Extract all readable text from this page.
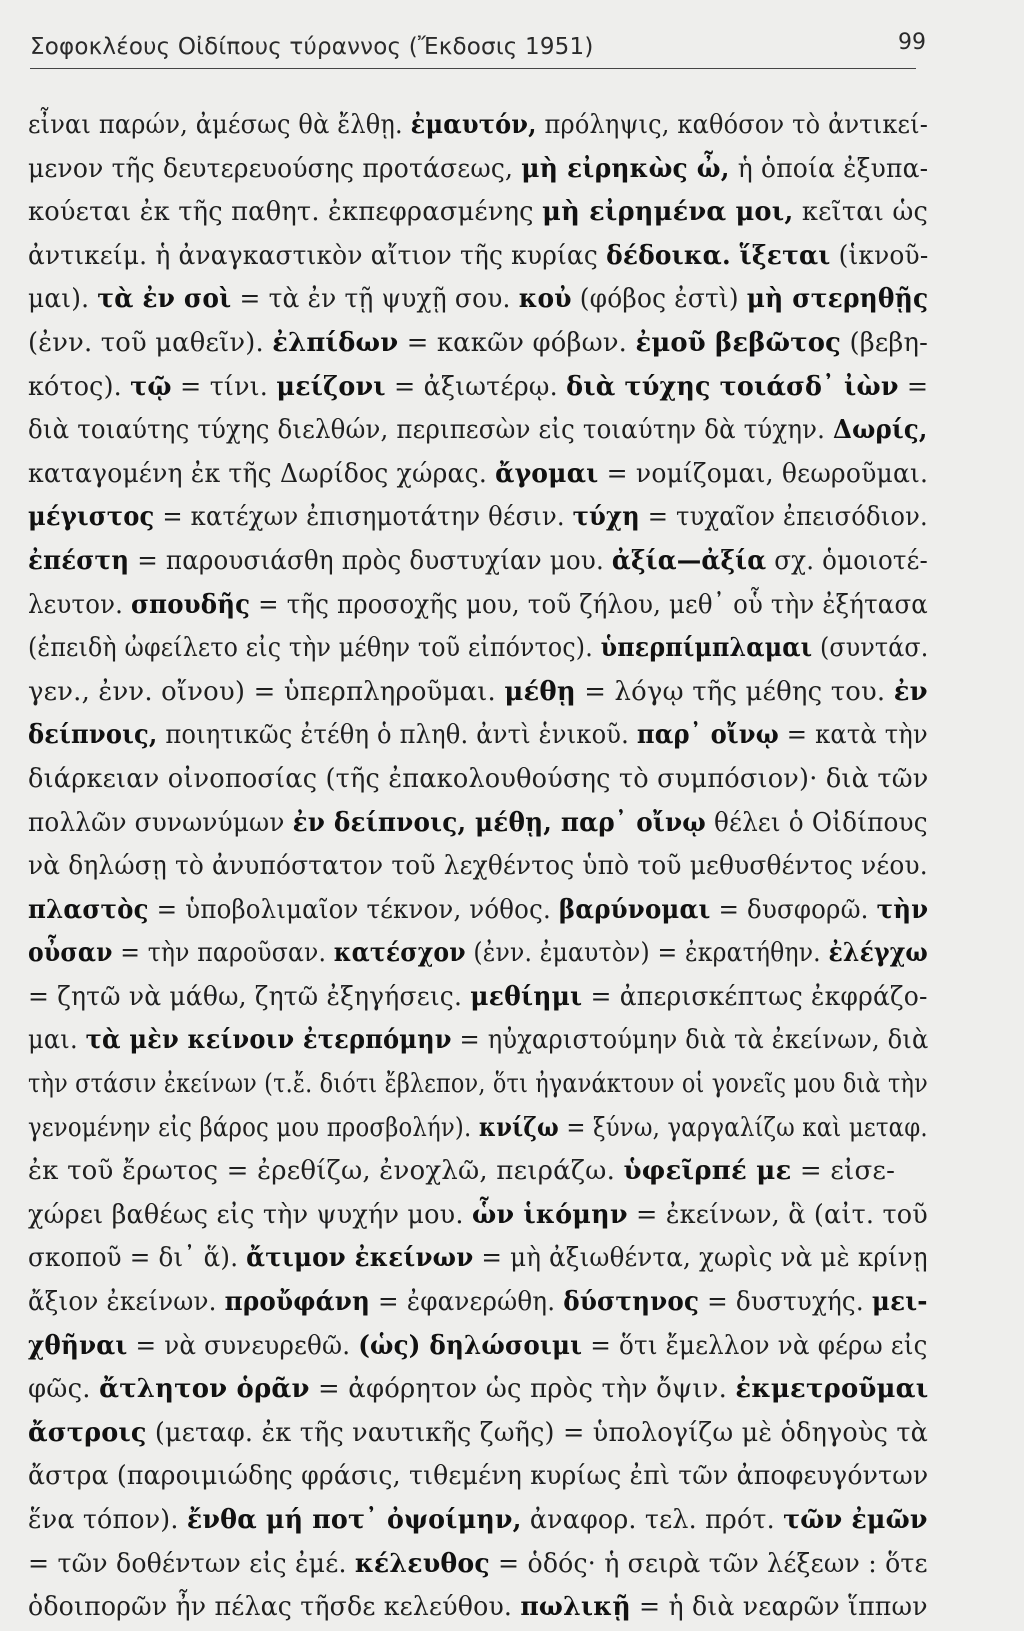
Σοφοκλέους Οἰδίπους τύραννος (Ἔκδοσις 1951)	99
εἶναι παρών, ἀμέσως θὰ ἔλθῃ. ἐμαυτόν, πρόληψις, καθόσον τὸ ἀντικεί-
μενον τῆς δευτερευούσης προτάσεως, μὴ εἰρηκὼς ὦ, ἡ ὁποία ἐξυπα-
κούεται ἐκ τῆς παθητ. ἐκπεφρασμένης μὴ εἰρημένα μοι, κεῖται ὡς
ἀντικείμ. ἡ ἀναγκαστικὸν αἴτιον τῆς κυρίας δέδοικα. ἵξεται (ἱκνοῦ-
μαι). τὰ ἐν σοὶ = τὰ ἐν τῇ ψυχῇ σου. κοὐ (φόβος ἐστὶ) μὴ στερηθῇς
(ἐνν. τοῦ μαθεῖν). ἐλπίδων = κακῶν φόβων. ἐμοῦ βεβῶτος (βεβη-
κότος). τῷ = τίνι. μείζονι = ἀξιωτέρῳ. διὰ τύχης τοιάσδ᾽ ἰὼν =
διὰ τοιαύτης τύχης διελθών, περιπεσὼν εἰς τοιαύτην δὰ τύχην. Δωρίς,
καταγομένη ἐκ τῆς Δωρίδος χώρας. ἄγομαι = νομίζομαι, θεωροῦμαι.
μέγιστος = κατέχων ἐπισημοτάτην θέσιν. τύχη = τυχαῖον ἐπεισόδιον.
ἐπέστη = παρουσιάσθη πρὸς δυστυχίαν μου. ἀξία—ἀξία σχ. ὁμοιοτέ-
λευτον. σπουδῆς = τῆς προσοχῆς μου, τοῦ ζήλου, μεθ᾽ οὗ τὴν ἐξήτασα
(ἐπειδὴ ὠφείλετο εἰς τὴν μέθην τοῦ εἰπόντος). ὑπερπίμπλαμαι (συντάσ.
γεν., ἐνν. οἴνου) = ὑπερπληροῦμαι. μέθῃ = λόγῳ τῆς μέθης του. ἐν
δείπνοις, ποιητικῶς ἐτέθη ὁ πληθ. ἀντὶ ἑνικοῦ. παρ᾽ οἴνῳ = κατὰ τὴν
διάρκειαν οἰνοποσίας (τῆς ἐπακολουθούσης τὸ συμπόσιον)· διὰ τῶν
πολλῶν συνωνύμων ἐν δείπνοις, μέθῃ, παρ᾽ οἴνῳ θέλει ὁ Οἰδίπους
νὰ δηλώσῃ τὸ ἀνυπόστατον τοῦ λεχθέντος ὑπὸ τοῦ μεθυσθέντος νέου.
πλαστὸς = ὑποβολιμαῖον τέκνον, νόθος. βαρύνομαι = δυσφορῶ. τὴν
οὖσαν = τὴν παροῦσαν. κατέσχον (ἐνν. ἐμαυτὸν) = ἐκρατήθην. ἐλέγχω
= ζητῶ νὰ μάθω, ζητῶ ἐξηγήσεις. μεθίημι = ἀπερισκέπτως ἐκφράζο-
μαι. τὰ μὲν κείνοιν ἐτερπόμην = ηὐχαριστούμην διὰ τὰ ἐκείνων, διὰ
τὴν στάσιν ἐκείνων (τ.ἔ. διότι ἔβλεπον, ὅτι ἠγανάκτουν οἱ γονεῖς μου διὰ τὴν
γενομένην εἰς βάρος μου προσβολήν). κνίζω = ξύνω, γαργαλίζω καὶ μεταφ.
ἐκ τοῦ ἔρωτος = ἐρεθίζω, ἐνοχλῶ, πειράζω. ὑφεῖρπέ με = εἰσε-
χώρει βαθέως εἰς τὴν ψυχήν μου. ὧν ἱκόμην = ἐκείνων, ἃ (αἰτ. τοῦ
σκοποῦ = δι᾽ ἅ). ἄτιμον ἐκείνων = μὴ ἀξιωθέντα, χωρὶς νὰ μὲ κρίνῃ
ἄξιον ἐκείνων. προὔφάνη = ἐφανερώθη. δύστηνος = δυστυχής. μει-
χθῆναι = νὰ συνευρεθῶ. (ὡς) δηλώσοιμι = ὅτι ἔμελλον νὰ φέρω εἰς
φῶς. ἄτλητον ὁρᾶν = ἀφόρητον ὡς πρὸς τὴν ὄψιν. ἐκμετροῦμαι
ἄστροις (μεταφ. ἐκ τῆς ναυτικῆς ζωῆς) = ὑπολογίζω μὲ ὁδηγοὺς τὰ
ἄστρα (παροιμιώδης φράσις, τιθεμένη κυρίως ἐπὶ τῶν ἀποφευγόντων
ἕνα τόπον). ἔνθα μή ποτ᾽ ὀψοίμην, ἀναφορ. τελ. πρότ. τῶν ἐμῶν
= τῶν δοθέντων εἰς ἐμέ. κέλευθος = ὁδός· ἡ σειρὰ τῶν λέξεων : ὅτε
ὁδοιπορῶν ἦν πέλας τῆσδε κελεύθου. πωλικῇ = ἡ διὰ νεαρῶν ἵππων
